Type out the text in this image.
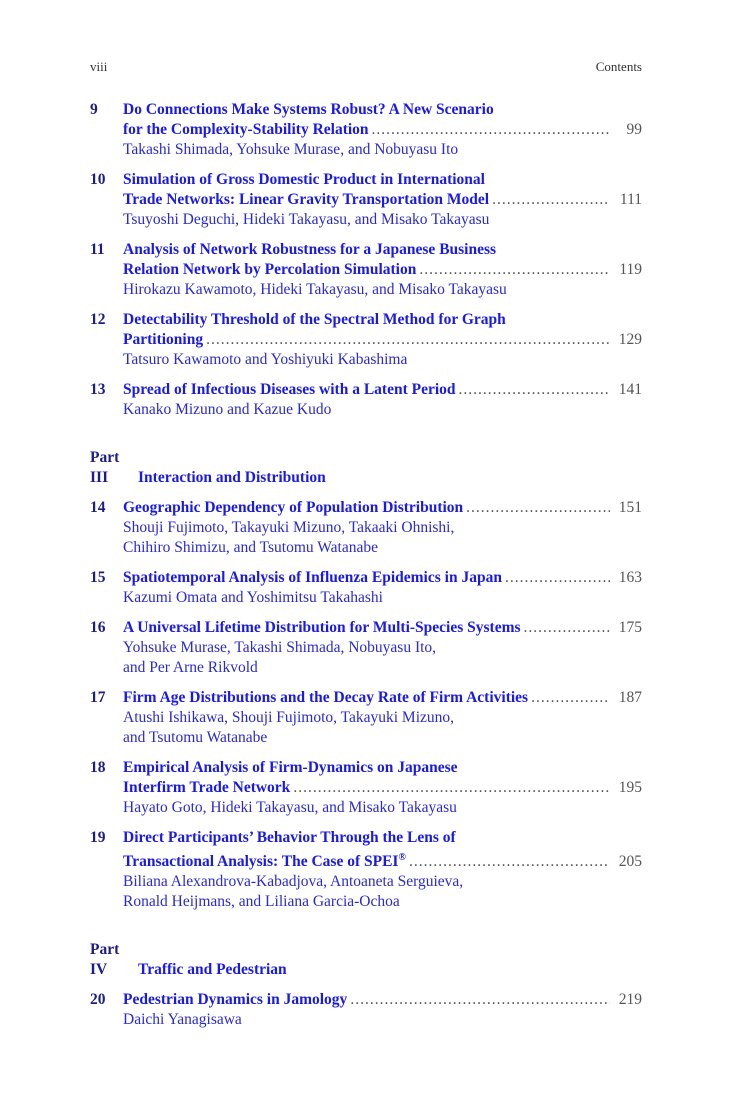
viii	Contents
9	Do Connections Make Systems Robust? A New Scenario
for the Complexity-Stability Relation .....	99
Takashi Shimada, Yohsuke Murase, and Nobuyasu Ito
10	Simulation of Gross Domestic Product in International
Trade Networks: Linear Gravity Transportation Model .....	111
Tsuyoshi Deguchi, Hideki Takayasu, and Misako Takayasu
11	Analysis of Network Robustness for a Japanese Business
Relation Network by Percolation Simulation .....	119
Hirokazu Kawamoto, Hideki Takayasu, and Misako Takayasu
12	Detectability Threshold of the Spectral Method for Graph
Partitioning .....	129
Tatsuro Kawamoto and Yoshiyuki Kabashima
13	Spread of Infectious Diseases with a Latent Period .....	141
Kanako Mizuno and Kazue Kudo
Part III Interaction and Distribution
14	Geographic Dependency of Population Distribution .....	151
Shouji Fujimoto, Takayuki Mizuno, Takaaki Ohnishi,
Chihiro Shimizu, and Tsutomu Watanabe
15	Spatiotemporal Analysis of Influenza Epidemics in Japan .....	163
Kazumi Omata and Yoshimitsu Takahashi
16	A Universal Lifetime Distribution for Multi-Species Systems .....	175
Yohsuke Murase, Takashi Shimada, Nobuyasu Ito,
and Per Arne Rikvold
17	Firm Age Distributions and the Decay Rate of Firm Activities .....	187
Atushi Ishikawa, Shouji Fujimoto, Takayuki Mizuno,
and Tsutomu Watanabe
18	Empirical Analysis of Firm-Dynamics on Japanese
Interfirm Trade Network .....	195
Hayato Goto, Hideki Takayasu, and Misako Takayasu
19	Direct Participants’ Behavior Through the Lens of
Transactional Analysis: The Case of SPEI® .....	205
Biliana Alexandrova-Kabadjova, Antoaneta Serguieva,
Ronald Heijmans, and Liliana Garcia-Ochoa
Part IV Traffic and Pedestrian
20	Pedestrian Dynamics in Jamology .....	219
Daichi Yanagisawa
